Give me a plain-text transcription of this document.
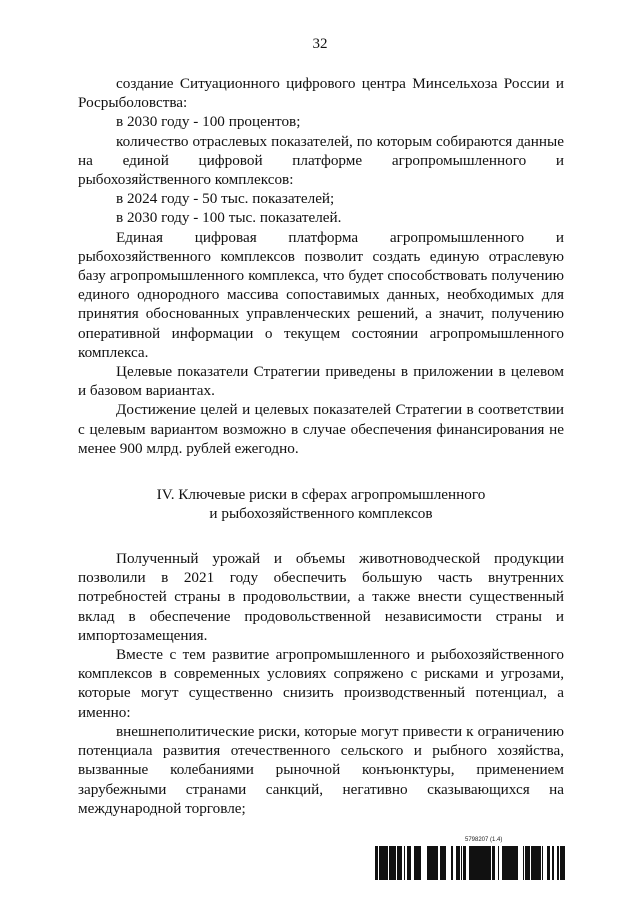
32

создание Ситуационного цифрового центра Минсельхоза России и Росрыболовства:

в 2030 году - 100 процентов;

количество отраслевых показателей, по которым собираются данные на единой цифровой платформе агропромышленного и рыбохозяйственного комплексов:

в 2024 году - 50 тыс. показателей;

в 2030 году - 100 тыс. показателей.

Единая цифровая платформа агропромышленного и рыбохозяйственного комплексов позволит создать единую отраслевую базу агропромышленного комплекса, что будет способствовать получению единого однородного массива сопоставимых данных, необходимых для принятия обоснованных управленческих решений, а значит, получению оперативной информации о текущем состоянии агропромышленного комплекса.

Целевые показатели Стратегии приведены в приложении в целевом и базовом вариантах.

Достижение целей и целевых показателей Стратегии в соответствии с целевым вариантом возможно в случае обеспечения финансирования не менее 900 млрд. рублей ежегодно.

IV. Ключевые риски в сферах агропромышленного
и рыбохозяйственного комплексов

Полученный урожай и объемы животноводческой продукции позволили в 2021 году обеспечить большую часть внутренних потребностей страны в продовольствии, а также внести существенный вклад в обеспечение продовольственной независимости страны и импортозамещения.

Вместе с тем развитие агропромышленного и рыбохозяйственного комплексов в современных условиях сопряжено с рисками и угрозами, которые могут существенно снизить производственный потенциал, а именно:

внешнеполитические риски, которые могут привести к ограничению потенциала развития отечественного сельского и рыбного хозяйства, вызванные колебаниями рыночной конъюнктуры, применением зарубежными странами санкций, негативно сказывающихся на международной торговле;

5798207 (1.4)
